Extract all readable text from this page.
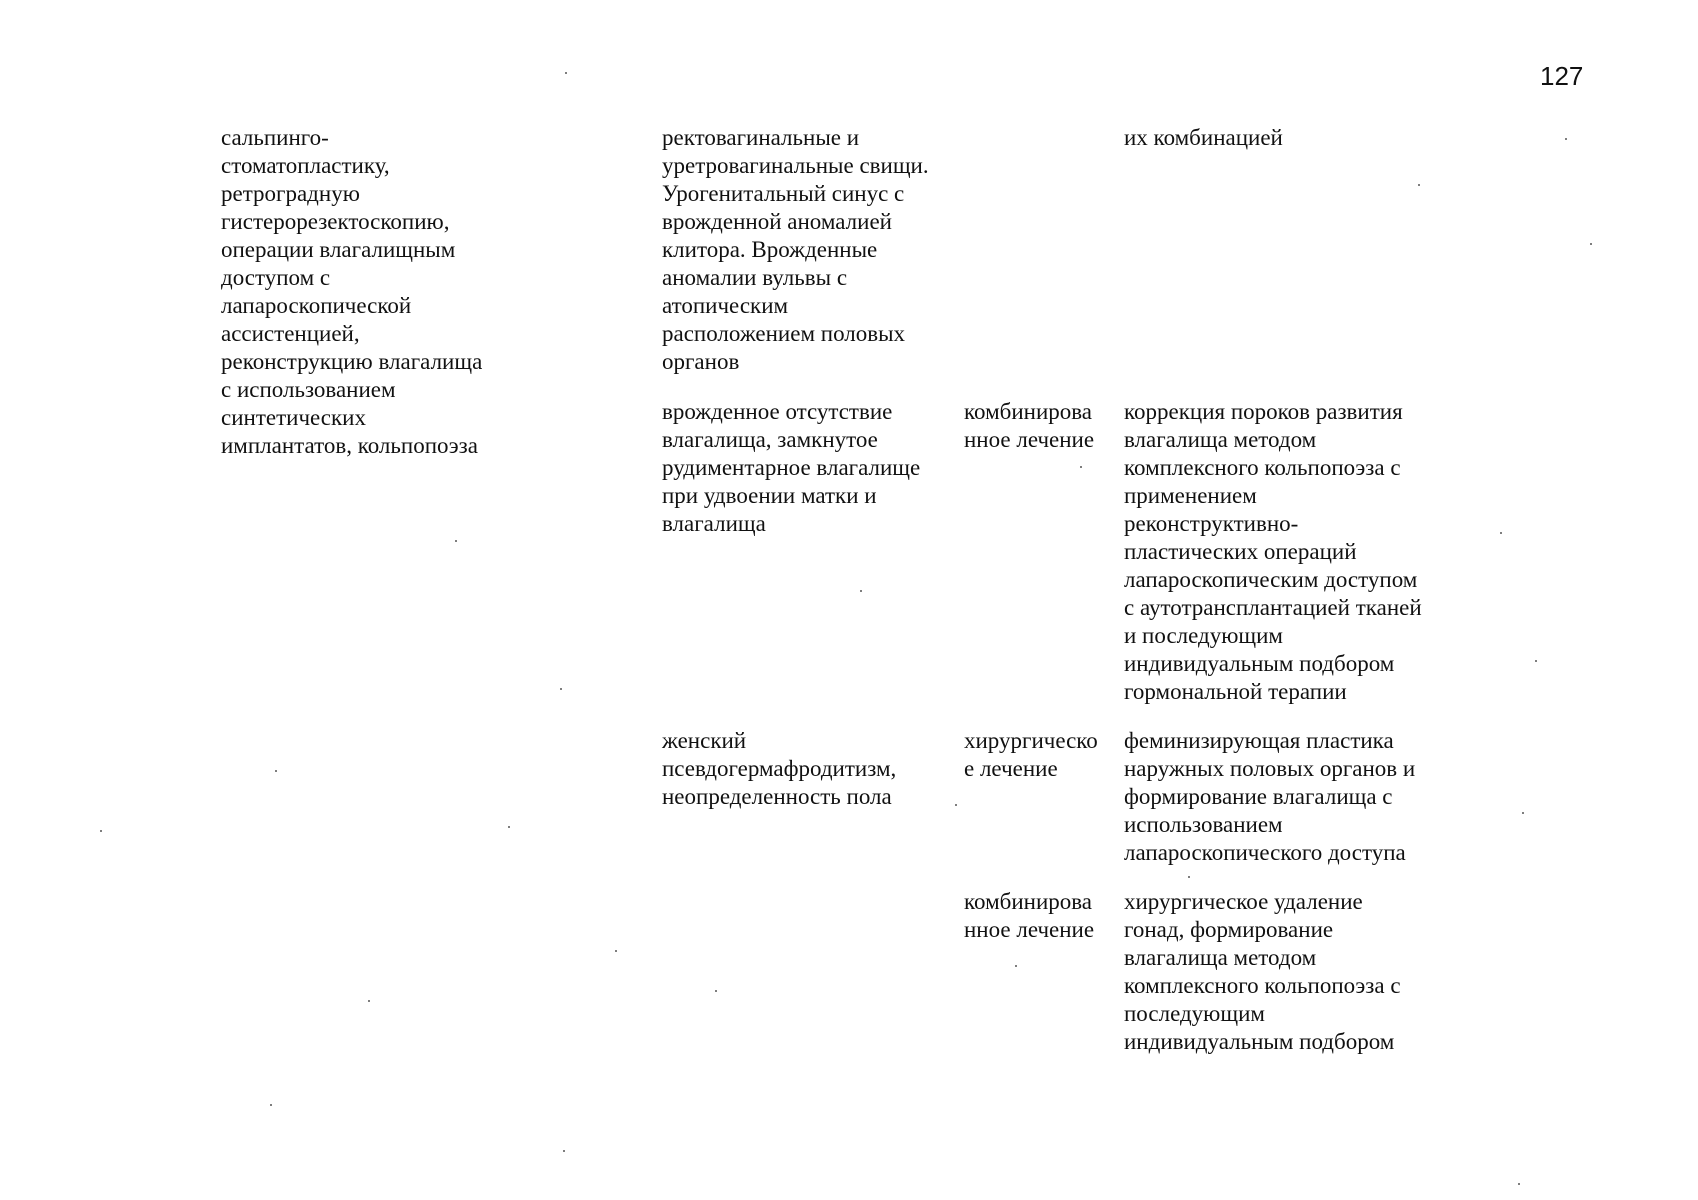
127
сальпинго-
стоматопластику,
ретроградную
гистерорезектоскопию,
операции влагалищным
доступом с
лапароскопической
ассистенцией,
реконструкцию влагалища
с использованием
синтетических
имплантатов, кольпопоэза
ректовагинальные и
уретровагинальные свищи.
Урогенитальный синус с
врожденной аномалией
клитора. Врожденные
аномалии вульвы с
атопическим
расположением половых
органов
их комбинацией
врожденное отсутствие
влагалища, замкнутое
рудиментарное влагалище
при удвоении матки и
влагалища
комбинирова
нное лечение
коррекция пороков развития
влагалища методом
комплексного кольпопоэза с
применением
реконструктивно-
пластических операций
лапароскопическим доступом
с аутотрансплантацией тканей
и последующим
индивидуальным подбором
гормональной терапии
женский
псевдогермафродитизм,
неопределенность пола
хирургическо
е лечение
феминизирующая пластика
наружных половых органов и
формирование влагалища с
использованием
лапароскопического доступа
комбинирова
нное лечение
хирургическое удаление
гонад, формирование
влагалища методом
комплексного кольпопоэза с
последующим
индивидуальным подбором
